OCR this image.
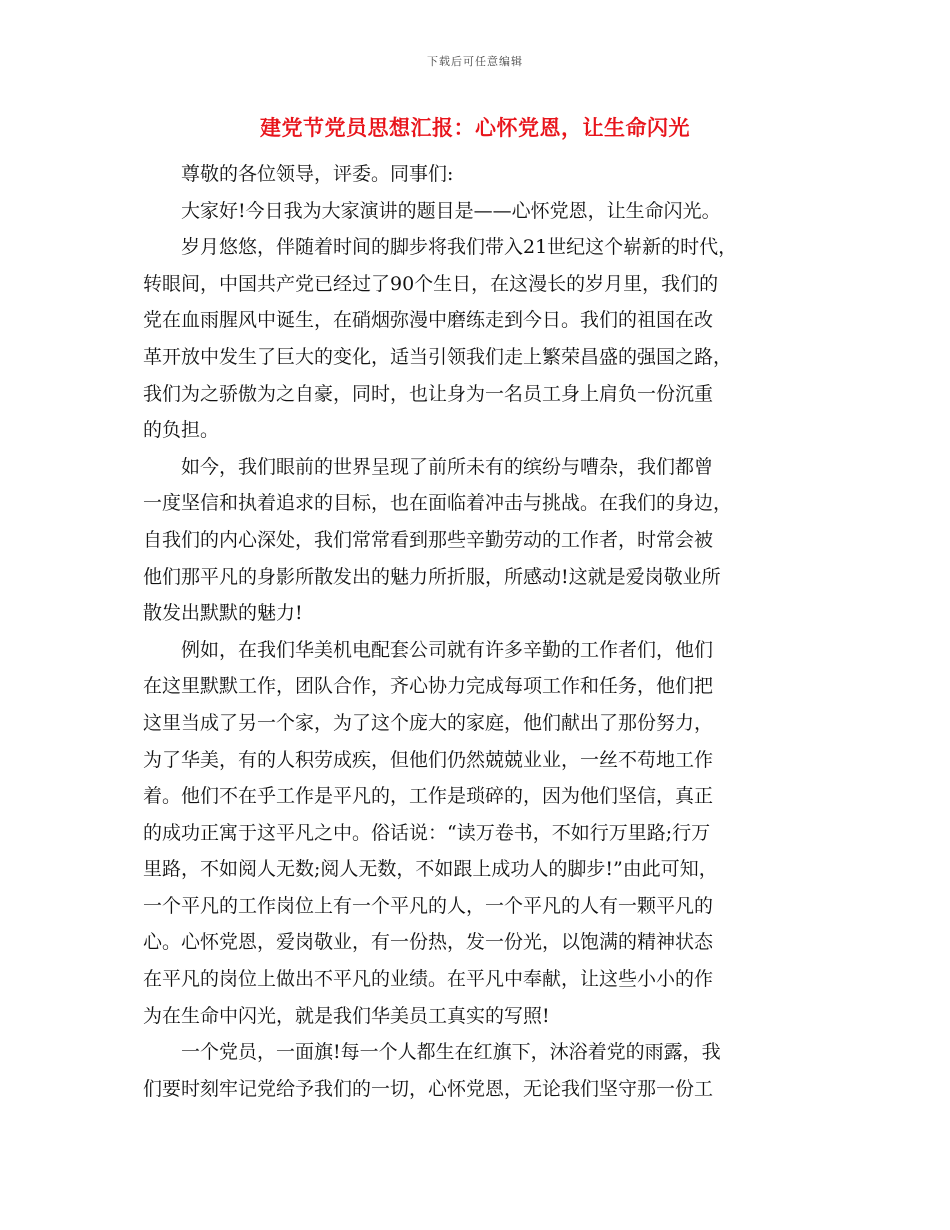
下载后可任意编辑
建党节党员思想汇报：心怀党恩，让生命闪光

尊敬的各位领导，评委。同事们:

大家好!今日我为大家演讲的题目是——心怀党恩，让生命闪光。

岁月悠悠，伴随着时间的脚步将我们带入21世纪这个崭新的时代，
转眼间，中国共产党已经过了90个生日，在这漫长的岁月里，我们的
党在血雨腥风中诞生，在硝烟弥漫中磨练走到今日。我们的祖国在改
革开放中发生了巨大的变化，适当引领我们走上繁荣昌盛的强国之路，
我们为之骄傲为之自豪，同时，也让身为一名员工身上肩负一份沉重
的负担。

如今，我们眼前的世界呈现了前所未有的缤纷与嘈杂，我们都曾
一度坚信和执着追求的目标，也在面临着冲击与挑战。在我们的身边，
自我们的内心深处，我们常常看到那些辛勤劳动的工作者，时常会被
他们那平凡的身影所散发出的魅力所折服，所感动!这就是爱岗敬业所
散发出默默的魅力!

例如，在我们华美机电配套公司就有许多辛勤的工作者们，他们
在这里默默工作，团队合作，齐心协力完成每项工作和任务，他们把
这里当成了另一个家，为了这个庞大的家庭，他们献出了那份努力，
为了华美，有的人积劳成疾，但他们仍然兢兢业业，一丝不苟地工作
着。他们不在乎工作是平凡的，工作是琐碎的，因为他们坚信，真正
的成功正寓于这平凡之中。俗话说：“读万卷书，不如行万里路;行万
里路，不如阅人无数;阅人无数，不如跟上成功人的脚步!”由此可知，
一个平凡的工作岗位上有一个平凡的人，一个平凡的人有一颗平凡的
心。心怀党恩，爱岗敬业，有一份热，发一份光，以饱满的精神状态
在平凡的岗位上做出不平凡的业绩。在平凡中奉献，让这些小小的作
为在生命中闪光，就是我们华美员工真实的写照!

一个党员，一面旗!每一个人都生在红旗下，沐浴着党的雨露，我
们要时刻牢记党给予我们的一切，心怀党恩，无论我们坚守那一份工
